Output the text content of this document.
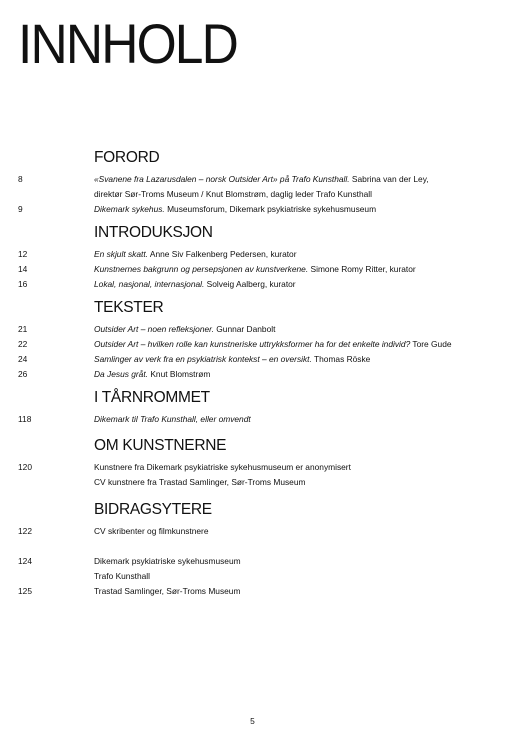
INNHOLD
FORORD
8	«Svanene fra Lazarusdalen – norsk Outsider Art» på Trafo Kunsthall. Sabrina van der Ley,
direktør Sør-Troms Museum / Knut Blomstrøm, daglig leder Trafo Kunsthall
9	Dikemark sykehus. Museumsforum, Dikemark psykiatriske sykehusmuseum
INTRODUKSJON
12	En skjult skatt. Anne Siv Falkenberg Pedersen, kurator
14	Kunstnernes bakgrunn og persepsjonen av kunstverkene. Simone Romy Ritter, kurator
16	Lokal, nasjonal, internasjonal. Solveig Aalberg, kurator
TEKSTER
21	Outsider Art – noen refleksjoner. Gunnar Danbolt
22	Outsider Art – hvilken rolle kan kunstneriske uttrykksformer ha for det enkelte individ? Tore Gude
24	Samlinger av verk fra en psykiatrisk kontekst – en oversikt. Thomas Röske
26	Da Jesus gråt. Knut Blomstrøm
I TÅRNROMMET
118	Dikemark til Trafo Kunsthall, eller omvendt
OM KUNSTNERNE
120	Kunstnere fra Dikemark psykiatriske sykehusmuseum er anonymisert
CV kunstnere fra Trastad Samlinger, Sør-Troms Museum
BIDRAGSYTERE
122	CV skribenter og filmkunstnere
124	Dikemark psykiatriske sykehusmuseum
Trafo Kunsthall
125	Trastad Samlinger, Sør-Troms Museum
5
